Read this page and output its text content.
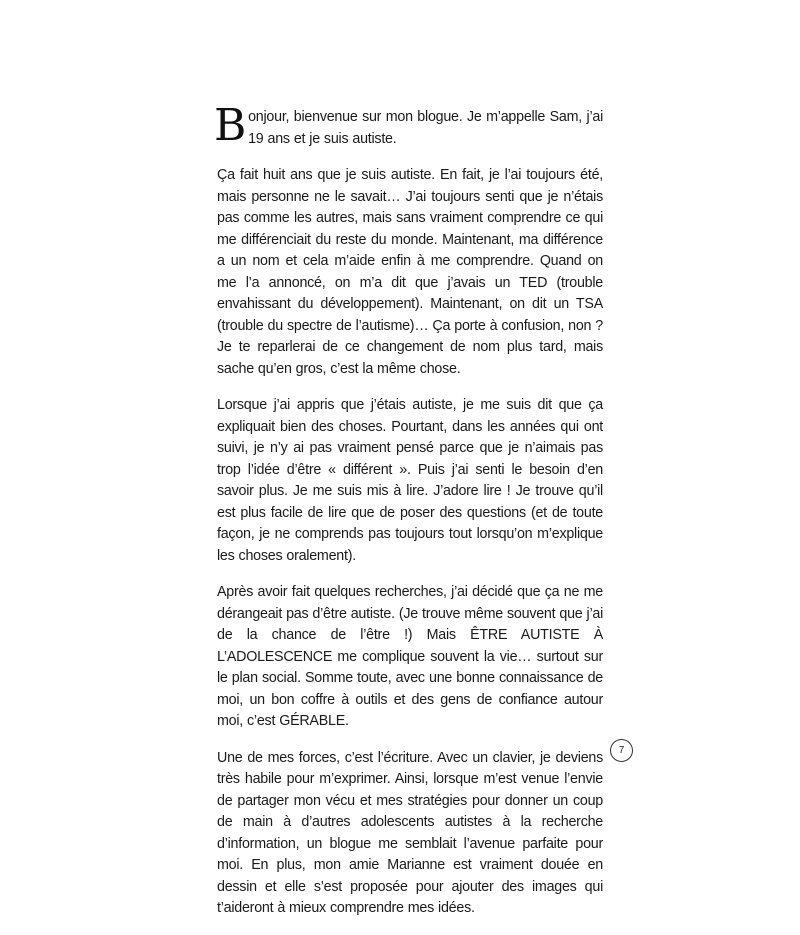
Bonjour, bienvenue sur mon blogue. Je m’appelle Sam, j’ai 19 ans et je suis autiste.

Ça fait huit ans que je suis autiste. En fait, je l’ai toujours été, mais personne ne le savait… J’ai toujours senti que je n’étais pas comme les autres, mais sans vraiment comprendre ce qui me différenciait du reste du monde. Maintenant, ma différence a un nom et cela m’aide enfin à me comprendre. Quand on me l’a annoncé, on m’a dit que j’avais un TED (trouble envahissant du développement). Maintenant, on dit un TSA (trouble du spectre de l’autisme)… Ça porte à confusion, non ? Je te reparlerai de ce changement de nom plus tard, mais sache qu’en gros, c’est la même chose.

Lorsque j’ai appris que j’étais autiste, je me suis dit que ça expliquait bien des choses. Pourtant, dans les années qui ont suivi, je n’y ai pas vraiment pensé parce que je n’aimais pas trop l’idée d’être « différent ». Puis j’ai senti le besoin d’en savoir plus. Je me suis mis à lire. J’adore lire ! Je trouve qu’il est plus facile de lire que de poser des questions (et de toute façon, je ne comprends pas toujours tout lorsqu’on m’explique les choses oralement).

Après avoir fait quelques recherches, j’ai décidé que ça ne me dérangeait pas d’être autiste. (Je trouve même souvent que j’ai de la chance de l’être !) Mais ÊTRE AUTISTE À L’ADOLESCENCE me complique souvent la vie… surtout sur le plan social. Somme toute, avec une bonne connaissance de moi, un bon coffre à outils et des gens de confiance autour moi, c’est GÉRABLE.

Une de mes forces, c’est l’écriture. Avec un clavier, je deviens très habile pour m’exprimer. Ainsi, lorsque m’est venue l’envie de partager mon vécu et mes stratégies pour donner un coup de main à d’autres adolescents autistes à la recherche d’information, un blogue me semblait l’avenue parfaite pour moi. En plus, mon amie Marianne est vraiment douée en dessin et elle s’est proposée pour ajouter des images qui t’aideront à mieux comprendre mes idées.

7
